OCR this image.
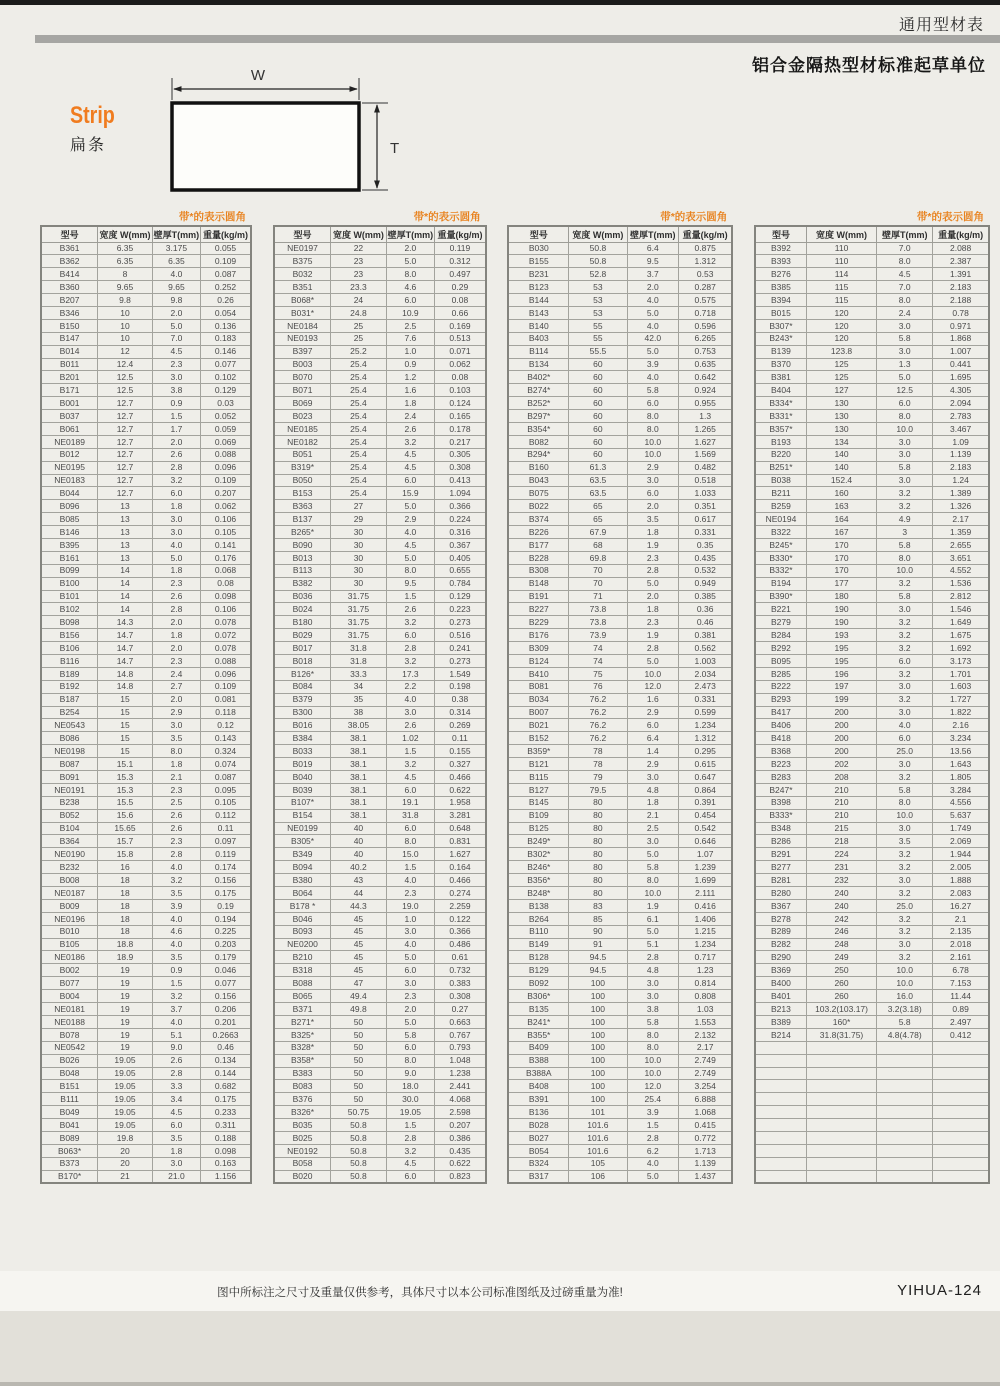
通用型材表
铝合金隔热型材标准起草单位
Strip
扁条
W
T
带*的表示圆角
型号	宽度 W(mm)	壁厚T(mm)	重量(kg/m)
B361	6.35	3.175	0.055
B362	6.35	6.35	0.109
B414	8	4.0	0.087
B360	9.65	9.65	0.252
B207	9.8	9.8	0.26
B346	10	2.0	0.054
B150	10	5.0	0.136
B147	10	7.0	0.183
B014	12	4.5	0.146
B011	12.4	2.3	0.077
B201	12.5	3.0	0.102
B171	12.5	3.8	0.129
B001	12.7	0.9	0.03
B037	12.7	1.5	0.052
B061	12.7	1.7	0.059
NE0189	12.7	2.0	0.069
B012	12.7	2.6	0.088
NE0195	12.7	2.8	0.096
NE0183	12.7	3.2	0.109
B044	12.7	6.0	0.207
B096	13	1.8	0.062
B085	13	3.0	0.106
B146	13	3.0	0.105
B395	13	4.0	0.141
B161	13	5.0	0.176
B099	14	1.8	0.068
B100	14	2.3	0.08
B101	14	2.6	0.098
B102	14	2.8	0.106
B098	14.3	2.0	0.078
B156	14.7	1.8	0.072
B106	14.7	2.0	0.078
B116	14.7	2.3	0.088
B189	14.8	2.4	0.096
B192	14.8	2.7	0.109
B187	15	2.0	0.081
B254	15	2.9	0.118
NE0543	15	3.0	0.12
B086	15	3.5	0.143
NE0198	15	8.0	0.324
B087	15.1	1.8	0.074
B091	15.3	2.1	0.087
NE0191	15.3	2.3	0.095
B238	15.5	2.5	0.105
B052	15.6	2.6	0.112
B104	15.65	2.6	0.11
B364	15.7	2.3	0.097
NE0190	15.8	2.8	0.119
B232	16	4.0	0.174
B008	18	3.2	0.156
NE0187	18	3.5	0.175
B009	18	3.9	0.19
NE0196	18	4.0	0.194
B010	18	4.6	0.225
B105	18.8	4.0	0.203
NE0186	18.9	3.5	0.179
B002	19	0.9	0.046
B077	19	1.5	0.077
B004	19	3.2	0.156
NE0181	19	3.7	0.206
NE0188	19	4.0	0.201
B078	19	5.1	0.2663
NE0542	19	9.0	0.46
B026	19.05	2.6	0.134
B048	19.05	2.8	0.144
B151	19.05	3.3	0.682
B111	19.05	3.4	0.175
B049	19.05	4.5	0.233
B041	19.05	6.0	0.311
B089	19.8	3.5	0.188
B063*	20	1.8	0.098
B373	20	3.0	0.163
B170*	21	21.0	1.156
带*的表示圆角
型号	宽度 W(mm)	壁厚T(mm)	重量(kg/m)
NE0197	22	2.0	0.119
B375	23	5.0	0.312
B032	23	8.0	0.497
B351	23.3	4.6	0.29
B068*	24	6.0	0.08
B031*	24.8	10.9	0.66
NE0184	25	2.5	0.169
NE0193	25	7.6	0.513
B397	25.2	1.0	0.071
B003	25.4	0.9	0.062
B070	25.4	1.2	0.08
B071	25.4	1.6	0.103
B069	25.4	1.8	0.124
B023	25.4	2.4	0.165
NE0185	25.4	2.6	0.178
NE0182	25.4	3.2	0.217
B051	25.4	4.5	0.305
B319*	25.4	4.5	0.308
B050	25.4	6.0	0.413
B153	25.4	15.9	1.094
B363	27	5.0	0.366
B137	29	2.9	0.224
B265*	30	4.0	0.316
B090	30	4.5	0.367
B013	30	5.0	0.405
B113	30	8.0	0.655
B382	30	9.5	0.784
B036	31.75	1.5	0.129
B024	31.75	2.6	0.223
B180	31.75	3.2	0.273
B029	31.75	6.0	0.516
B017	31.8	2.8	0.241
B018	31.8	3.2	0.273
B126*	33.3	17.3	1.549
B084	34	2.2	0.198
B379	35	4.0	0.38
B300	38	3.0	0.314
B016	38.05	2.6	0.269
B384	38.1	1.02	0.11
B033	38.1	1.5	0.155
B019	38.1	3.2	0.327
B040	38.1	4.5	0.466
B039	38.1	6.0	0.622
B107*	38.1	19.1	1.958
B154	38.1	31.8	3.281
NE0199	40	6.0	0.648
B305*	40	8.0	0.831
B349	40	15.0	1.627
B094	40.2	1.5	0.164
B380	43	4.0	0.466
B064	44	2.3	0.274
B178 *	44.3	19.0	2.259
B046	45	1.0	0.122
B093	45	3.0	0.366
NE0200	45	4.0	0.486
B210	45	5.0	0.61
B318	45	6.0	0.732
B088	47	3.0	0.383
B065	49.4	2.3	0.308
B371	49.8	2.0	0.27
B271*	50	5.0	0.663
B325*	50	5.8	0.767
B328*	50	6.0	0.793
B358*	50	8.0	1.048
B383	50	9.0	1.238
B083	50	18.0	2.441
B376	50	30.0	4.068
B326*	50.75	19.05	2.598
B035	50.8	1.5	0.207
B025	50.8	2.8	0.386
NE0192	50.8	3.2	0.435
B058	50.8	4.5	0.622
B020	50.8	6.0	0.823
带*的表示圆角
型号	宽度 W(mm)	壁厚T(mm)	重量(kg/m)
B030	50.8	6.4	0.875
B155	50.8	9.5	1.312
B231	52.8	3.7	0.53
B123	53	2.0	0.287
B144	53	4.0	0.575
B143	53	5.0	0.718
B140	55	4.0	0.596
B403	55	42.0	6.265
B114	55.5	5.0	0.753
B134	60	3.9	0.635
B402*	60	4.0	0.642
B274*	60	5.8	0.924
B252*	60	6.0	0.955
B297*	60	8.0	1.3
B354*	60	8.0	1.265
B082	60	10.0	1.627
B294*	60	10.0	1.569
B160	61.3	2.9	0.482
B043	63.5	3.0	0.518
B075	63.5	6.0	1.033
B022	65	2.0	0.351
B374	65	3.5	0.617
B226	67.9	1.8	0.331
B177	68	1.9	0.35
B228	69.8	2.3	0.435
B308	70	2.8	0.532
B148	70	5.0	0.949
B191	71	2.0	0.385
B227	73.8	1.8	0.36
B229	73.8	2.3	0.46
B176	73.9	1.9	0.381
B309	74	2.8	0.562
B124	74	5.0	1.003
B410	75	10.0	2.034
B081	76	12.0	2.473
B034	76.2	1.6	0.331
B007	76.2	2.9	0.599
B021	76.2	6.0	1.234
B152	76.2	6.4	1.312
B359*	78	1.4	0.295
B121	78	2.9	0.615
B115	79	3.0	0.647
B127	79.5	4.8	0.864
B145	80	1.8	0.391
B109	80	2.1	0.454
B125	80	2.5	0.542
B249*	80	3.0	0.646
B302*	80	5.0	1.07
B246*	80	5.8	1.239
B356*	80	8.0	1.699
B248*	80	10.0	2.111
B138	83	1.9	0.416
B264	85	6.1	1.406
B110	90	5.0	1.215
B149	91	5.1	1.234
B128	94.5	2.8	0.717
B129	94.5	4.8	1.23
B092	100	3.0	0.814
B306*	100	3.0	0.808
B135	100	3.8	1.03
B241*	100	5.8	1.553
B355*	100	8.0	2.132
B409	100	8.0	2.17
B388	100	10.0	2.749
B388A	100	10.0	2.749
B408	100	12.0	3.254
B391	100	25.4	6.888
B136	101	3.9	1.068
B028	101.6	1.5	0.415
B027	101.6	2.8	0.772
B054	101.6	6.2	1.713
B324	105	4.0	1.139
B317	106	5.0	1.437
带*的表示圆角
型号	宽度 W(mm)	壁厚T(mm)	重量(kg/m)
B392	110	7.0	2.088
B393	110	8.0	2.387
B276	114	4.5	1.391
B385	115	7.0	2.183
B394	115	8.0	2.188
B015	120	2.4	0.78
B307*	120	3.0	0.971
B243*	120	5.8	1.868
B139	123.8	3.0	1.007
B370	125	1.3	0.441
B381	125	5.0	1.695
B404	127	12.5	4.305
B334*	130	6.0	2.094
B331*	130	8.0	2.783
B357*	130	10.0	3.467
B193	134	3.0	1.09
B220	140	3.0	1.139
B251*	140	5.8	2.183
B038	152.4	3.0	1.24
B211	160	3.2	1.389
B259	163	3.2	1.326
NE0194	164	4.9	2.17
B322	167	3	1.359
B245*	170	5.8	2.655
B330*	170	8.0	3.651
B332*	170	10.0	4.552
B194	177	3.2	1.536
B390*	180	5.8	2.812
B221	190	3.0	1.546
B279	190	3.2	1.649
B284	193	3.2	1.675
B292	195	3.2	1.692
B095	195	6.0	3.173
B285	196	3.2	1.701
B222	197	3.0	1.603
B293	199	3.2	1.727
B417	200	3.0	1.822
B406	200	4.0	2.16
B418	200	6.0	3.234
B368	200	25.0	13.56
B223	202	3.0	1.643
B283	208	3.2	1.805
B247*	210	5.8	3.284
B398	210	8.0	4.556
B333*	210	10.0	5.637
B348	215	3.0	1.749
B286	218	3.5	2.069
B291	224	3.2	1.944
B277	231	3.2	2.005
B281	232	3.0	1.888
B280	240	3.2	2.083
B367	240	25.0	16.27
B278	242	3.2	2.1
B289	246	3.2	2.135
B282	248	3.0	2.018
B290	249	3.2	2.161
B369	250	10.0	6.78
B400	260	10.0	7.153
B401	260	16.0	11.44
B213	103.2(103.17)	3.2(3.18)	0.89
B389	160*	5.8	2.497
B214	31.8(31.75)	4.8(4.78)	0.412

图中所标注之尺寸及重量仅供参考，具体尺寸以本公司标准图纸及过磅重量为准!	YIHUA-124
